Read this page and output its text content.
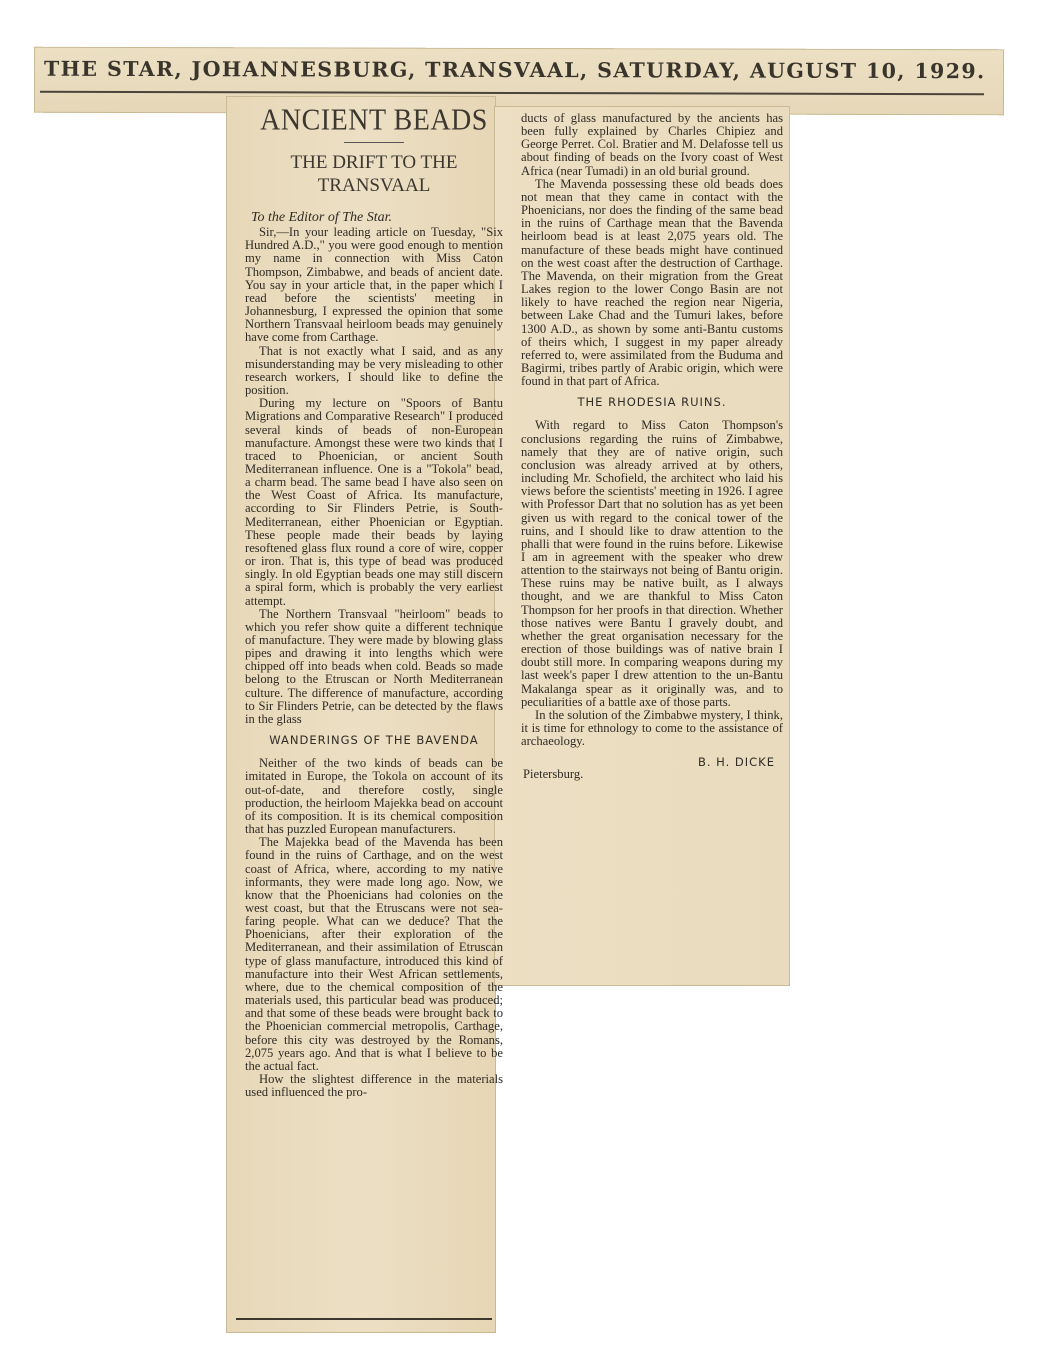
THE STAR, JOHANNESBURG, TRANSVAAL, SATURDAY, AUGUST 10, 1929.
ANCIENT BEADS
THE DRIFT TO THE TRANSVAAL
To the Editor of The Star.

Sir,—In your leading article on Tuesday, "Six Hundred A.D.," you were good enough to mention my name in connection with Miss Caton Thompson, Zimbabwe, and beads of ancient date. You say in your article that, in the paper which I read before the scientists' meeting in Johannesburg, I expressed the opinion that some Northern Transvaal heirloom beads may genuinely have come from Carthage.

That is not exactly what I said, and as any misunderstanding may be very misleading to other research workers, I should like to define the position.

During my lecture on "Spoors of Bantu Migrations and Comparative Research" I produced several kinds of beads of non-European manufacture. Amongst these were two kinds that I traced to Phoenician, or ancient South Mediterranean influence. One is a "Tokola" bead, a charm bead. The same bead I have also seen on the West Coast of Africa. Its manufacture, according to Sir Flinders Petrie, is South-Mediterranean, either Phoenician or Egyptian. These people made their beads by laying resoftened glass flux round a core of wire, copper or iron. That is, this type of bead was produced singly. In old Egyptian beads one may still discern a spiral form, which is probably the very earliest attempt.

The Northern Transvaal "heirloom" beads to which you refer show quite a different technique of manufacture. They were made by blowing glass pipes and drawing it into lengths which were chipped off into beads when cold. Beads so made belong to the Etruscan or North Mediterranean culture. The difference of manufacture, according to Sir Flinders Petrie, can be detected by the flaws in the glass

WANDERINGS OF THE BAVENDA

Neither of the two kinds of beads can be imitated in Europe, the Tokola on account of its out-of-date, and therefore costly, single production, the heirloom Majekka bead on account of its composition. It is its chemical composition that has puzzled European manufacturers.

The Majekka bead of the Mavenda has been found in the ruins of Carthage, and on the west coast of Africa, where, according to my native informants, they were made long ago. Now, we know that the Phoenicians had colonies on the west coast, but that the Etruscans were not sea-faring people. What can we deduce? That the Phoenicians, after their exploration of the Mediterranean, and their assimilation of Etruscan type of glass manufacture, introduced this kind of manufacture into their West African settlements, where, due to the chemical composition of the materials used, this particular bead was produced; and that some of these beads were brought back to the Phoenician commercial metropolis, Carthage, before this city was destroyed by the Romans, 2,075 years ago. And that is what I believe to be the actual fact.

How the slightest difference in the materials used influenced the pro-

ducts of glass manufactured by the ancients has been fully explained by Charles Chipiez and George Perret. Col. Bratier and M. Delafosse tell us about finding of beads on the Ivory coast of West Africa (near Tumadi) in an old burial ground.

The Mavenda possessing these old beads does not mean that they came in contact with the Phoenicians, nor does the finding of the same bead in the ruins of Carthage mean that the Bavenda heirloom bead is at least 2,075 years old. The manufacture of these beads might have continued on the west coast after the destruction of Carthage. The Mavenda, on their migration from the Great Lakes region to the lower Congo Basin are not likely to have reached the region near Nigeria, between Lake Chad and the Tumuri lakes, before 1300 A.D., as shown by some anti-Bantu customs of theirs which, I suggest in my paper already referred to, were assimilated from the Buduma and Bagirmi, tribes partly of Arabic origin, which were found in that part of Africa.

THE RHODESIA RUINS.

With regard to Miss Caton Thompson's conclusions regarding the ruins of Zimbabwe, namely that they are of native origin, such conclusion was already arrived at by others, including Mr. Schofield, the architect who laid his views before the scientists' meeting in 1926. I agree with Professor Dart that no solution has as yet been given us with regard to the conical tower of the ruins, and I should like to draw attention to the phalli that were found in the ruins before. Likewise I am in agreement with the speaker who drew attention to the stairways not being of Bantu origin. These ruins may be native built, as I always thought, and we are thankful to Miss Caton Thompson for her proofs in that direction. Whether those natives were Bantu I gravely doubt, and whether the great organisation necessary for the erection of those buildings was of native brain I doubt still more. In comparing weapons during my last week's paper I drew attention to the un-Bantu Makalanga spear as it originally was, and to peculiarities of a battle axe of those parts.

In the solution of the Zimbabwe mystery, I think, it is time for ethnology to come to the assistance of archaeology.

B. H. DICKE
Pietersburg.
